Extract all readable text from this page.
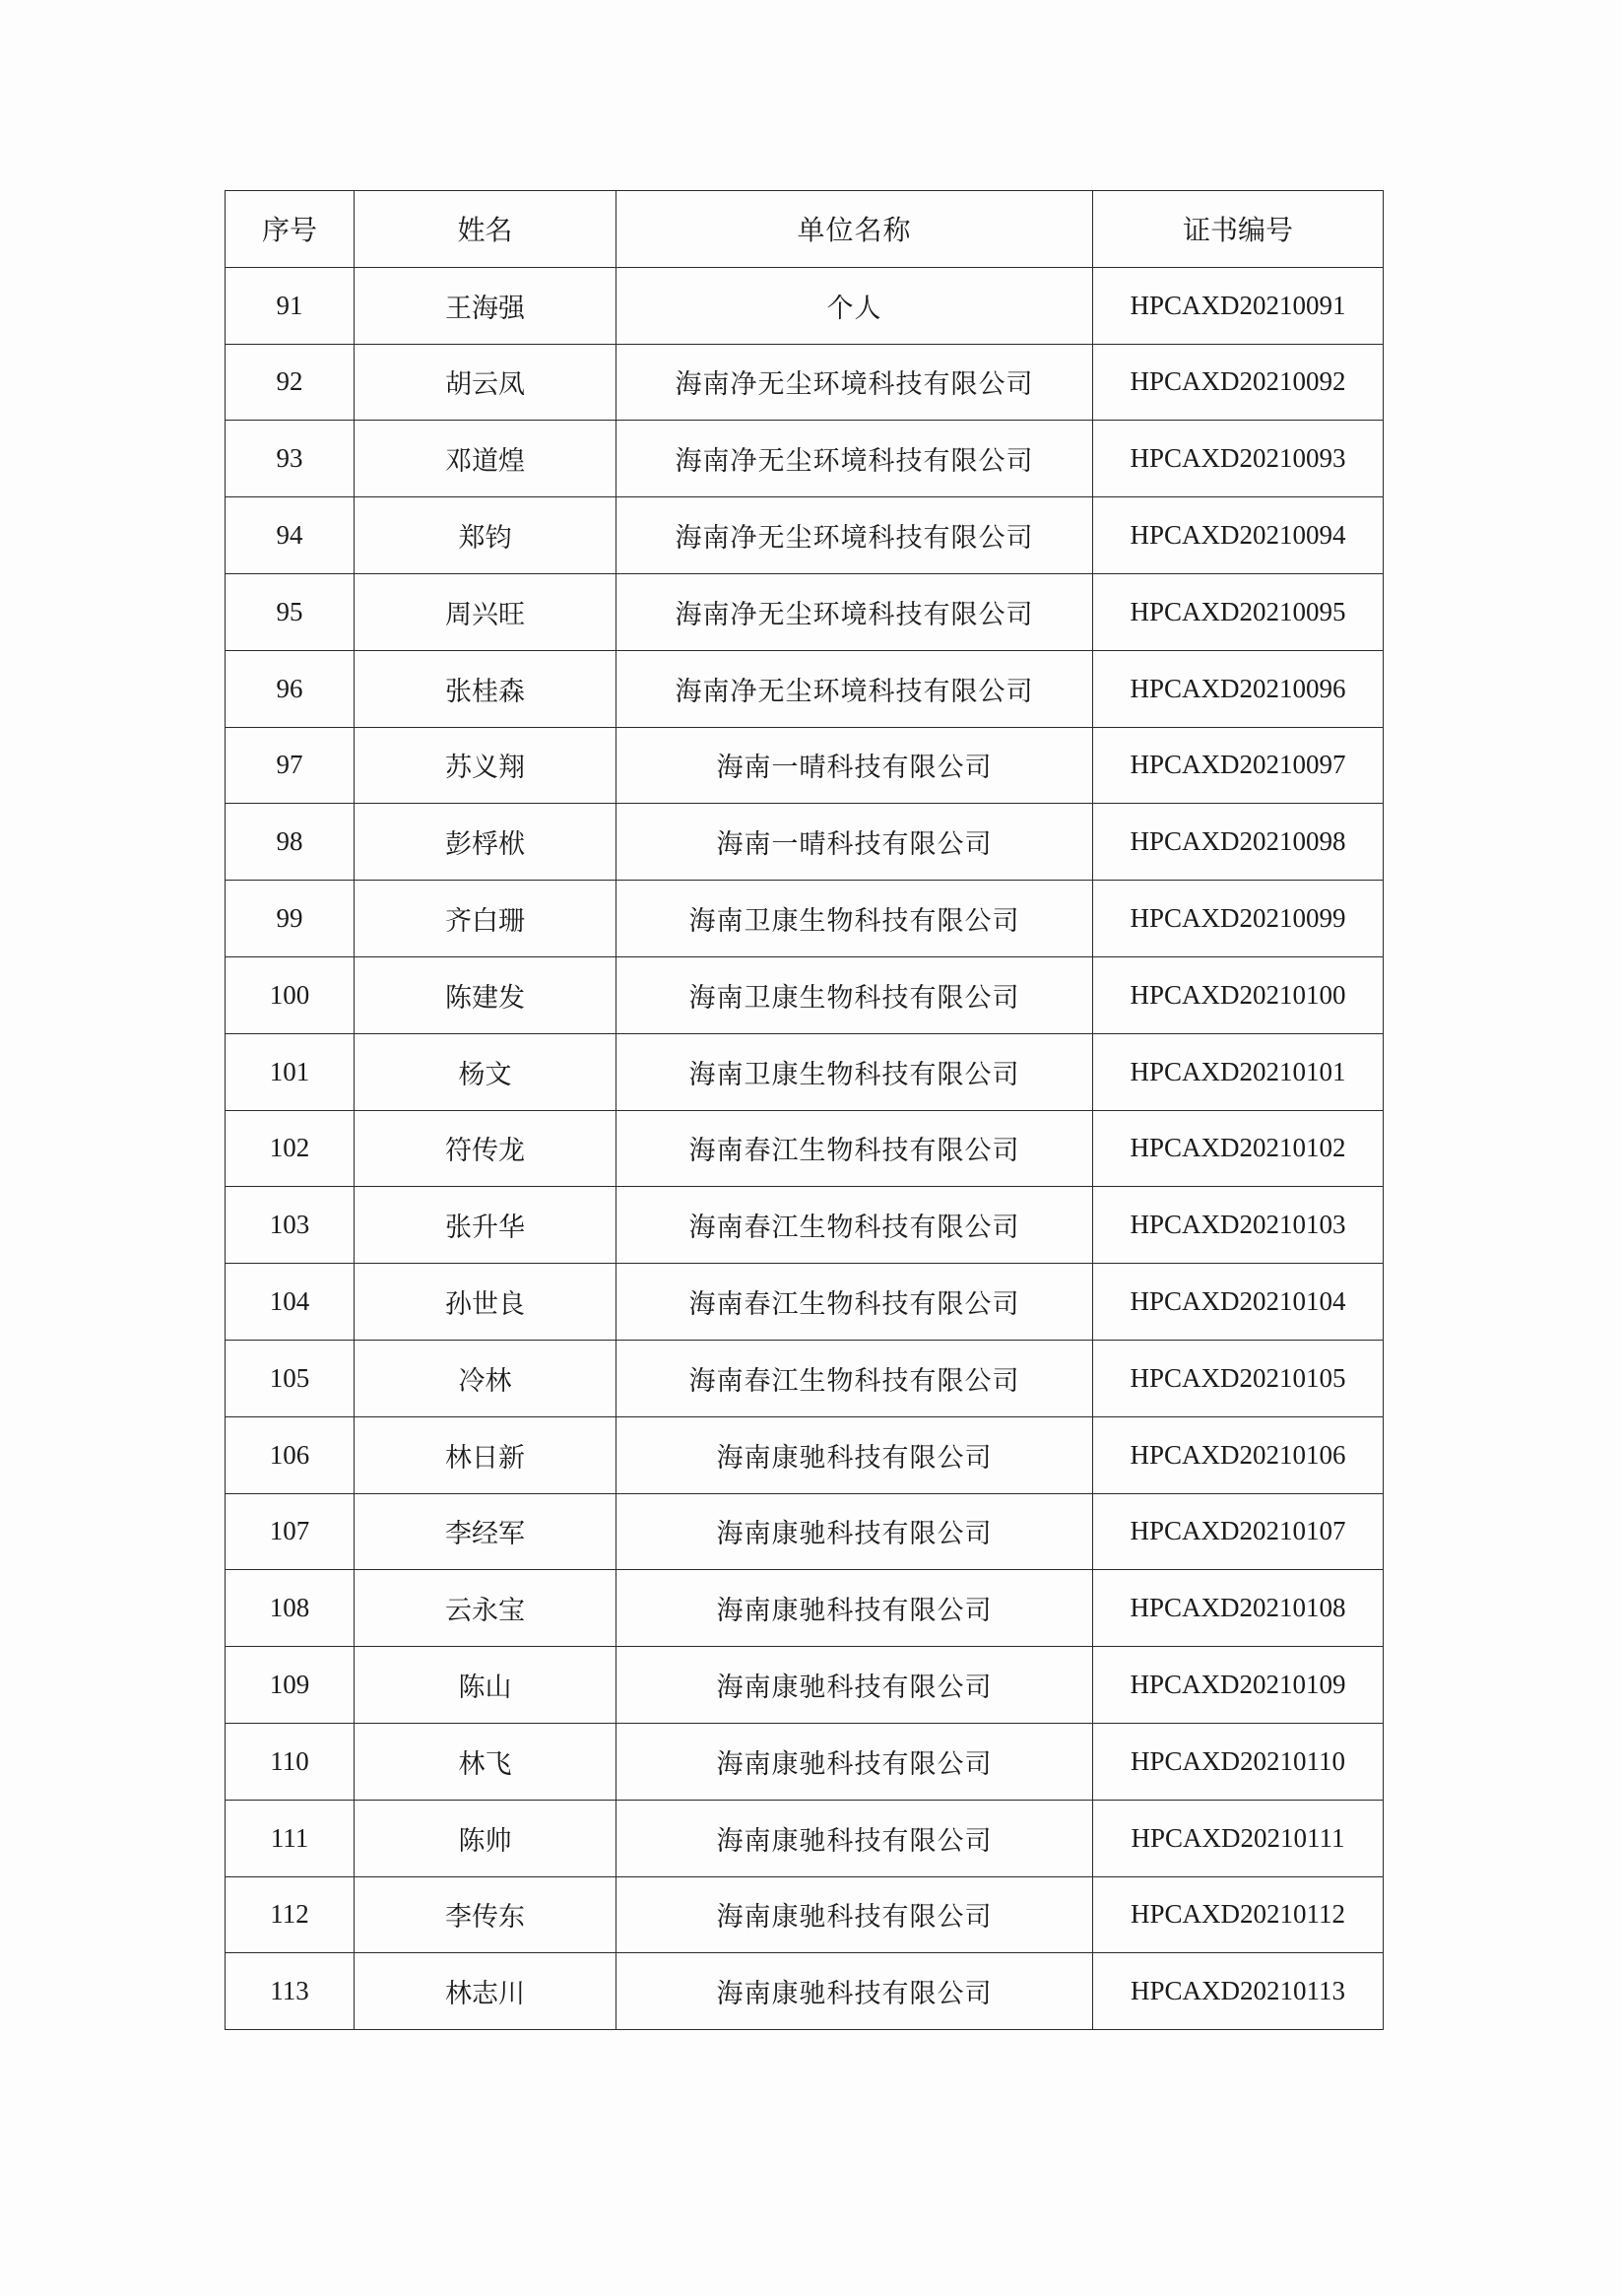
序号	姓名	单位名称	证书编号
91	王海强	个人	HPCAXD20210091
92	胡云凤	海南净无尘环境科技有限公司	HPCAXD20210092
93	邓道煌	海南净无尘环境科技有限公司	HPCAXD20210093
94	郑钧	海南净无尘环境科技有限公司	HPCAXD20210094
95	周兴旺	海南净无尘环境科技有限公司	HPCAXD20210095
96	张桂森	海南净无尘环境科技有限公司	HPCAXD20210096
97	苏义翔	海南一晴科技有限公司	HPCAXD20210097
98	彭桴栿	海南一晴科技有限公司	HPCAXD20210098
99	齐白珊	海南卫康生物科技有限公司	HPCAXD20210099
100	陈建发	海南卫康生物科技有限公司	HPCAXD20210100
101	杨文	海南卫康生物科技有限公司	HPCAXD20210101
102	符传龙	海南春江生物科技有限公司	HPCAXD20210102
103	张升华	海南春江生物科技有限公司	HPCAXD20210103
104	孙世良	海南春江生物科技有限公司	HPCAXD20210104
105	冷林	海南春江生物科技有限公司	HPCAXD20210105
106	林日新	海南康驰科技有限公司	HPCAXD20210106
107	李经军	海南康驰科技有限公司	HPCAXD20210107
108	云永宝	海南康驰科技有限公司	HPCAXD20210108
109	陈山	海南康驰科技有限公司	HPCAXD20210109
110	林飞	海南康驰科技有限公司	HPCAXD20210110
111	陈帅	海南康驰科技有限公司	HPCAXD20210111
112	李传东	海南康驰科技有限公司	HPCAXD20210112
113	林志川	海南康驰科技有限公司	HPCAXD20210113
